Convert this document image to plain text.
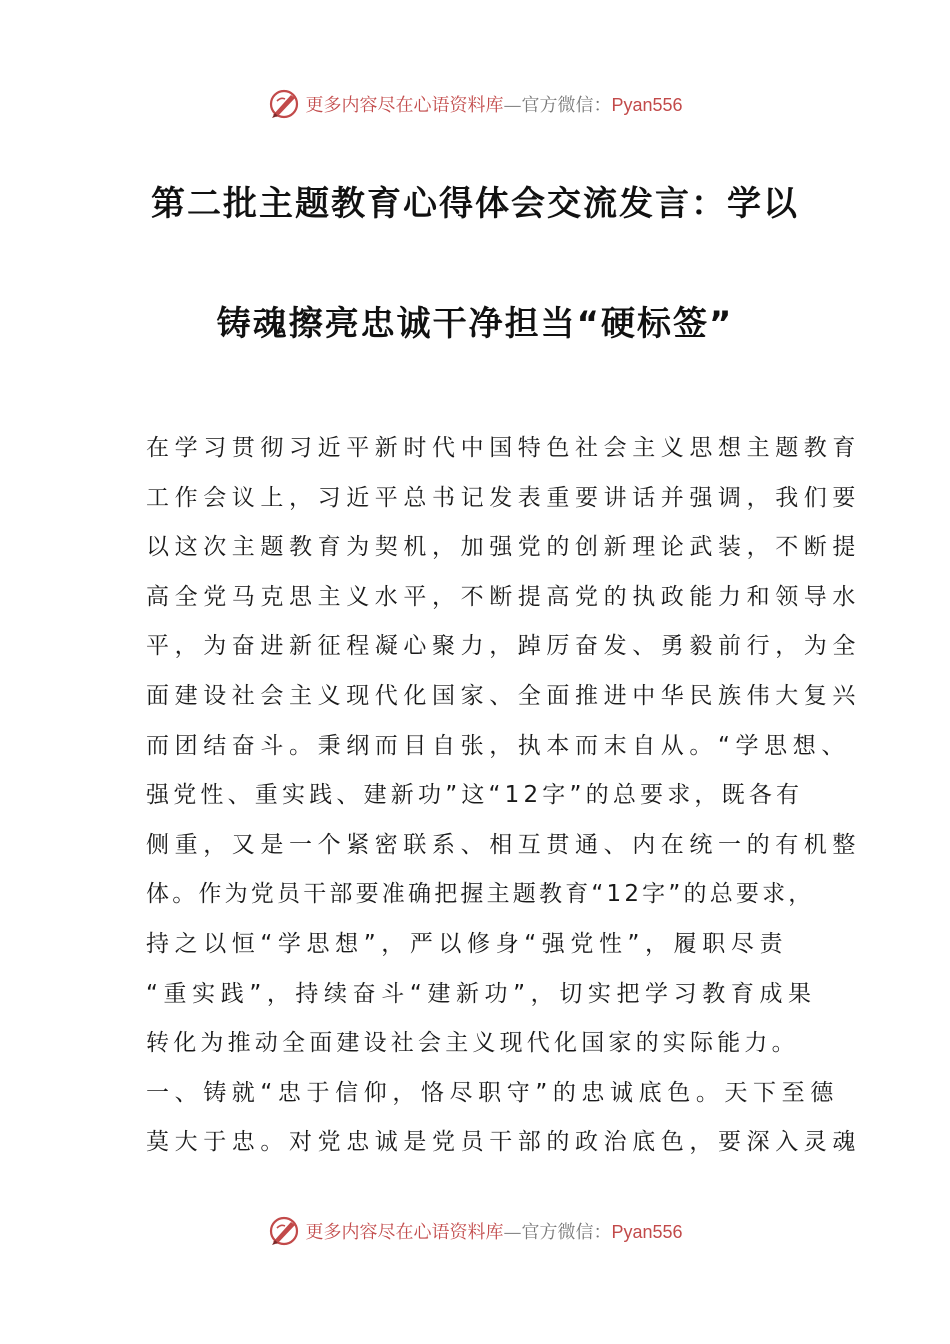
更多内容尽在心语资料库—官方微信：Pyan556
第二批主题教育心得体会交流发言：学以
铸魂擦亮忠诚干净担当“硬标签”
在学习贯彻习近平新时代中国特色社会主义思想主题教育
工作会议上，习近平总书记发表重要讲话并强调，我们要
以这次主题教育为契机，加强党的创新理论武装，不断提
高全党马克思主义水平，不断提高党的执政能力和领导水
平，为奋进新征程凝心聚力，踔厉奋发、勇毅前行，为全
面建设社会主义现代化国家、全面推进中华民族伟大复兴
而团结奋斗。秉纲而目自张，执本而末自从。“学思想、
强党性、重实践、建新功”这“12字”的总要求，既各有
侧重，又是一个紧密联系、相互贯通、内在统一的有机整
体。作为党员干部要准确把握主题教育“12字”的总要求，
持之以恒“学思想”，严以修身“强党性”，履职尽责
“重实践”，持续奋斗“建新功”，切实把学习教育成果
转化为推动全面建设社会主义现代化国家的实际能力。
一、铸就“忠于信仰，恪尽职守”的忠诚底色。天下至德
莫大于忠。对党忠诚是党员干部的政治底色，要深入灵魂
更多内容尽在心语资料库—官方微信：Pyan556
